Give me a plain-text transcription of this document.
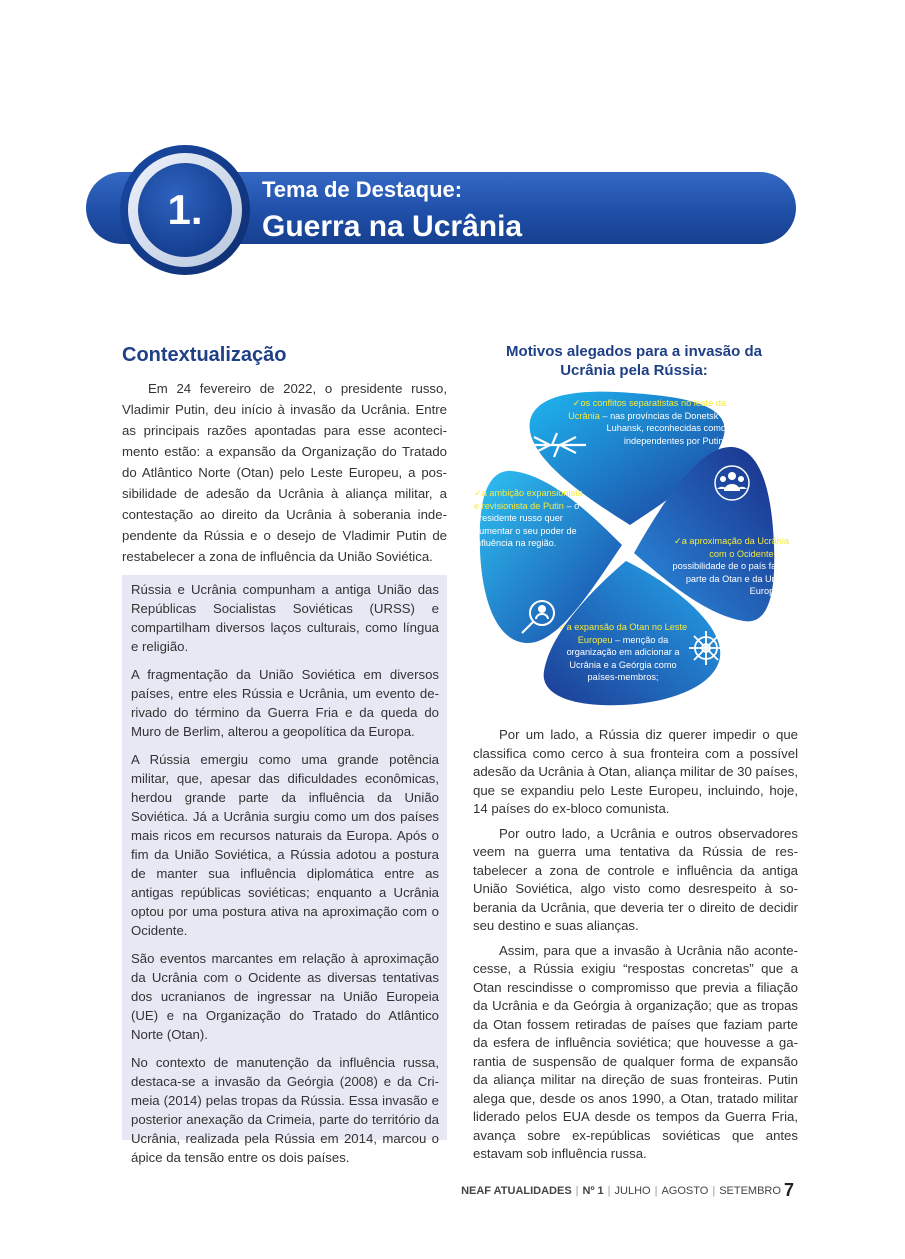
1.	Tema de Destaque:
Guerra na Ucrânia
Contextualização

Em 24 fevereiro de 2022, o presidente russo, Vladimir Putin, deu início à invasão da Ucrânia. Entre as principais razões apontadas para esse acontecimento estão: a expansão da Organização do Tratado do Atlântico Norte (Otan) pelo Leste Europeu, a possibilidade de adesão da Ucrânia à aliança militar, a contestação ao direito da Ucrânia à soberania independente da Rússia e o desejo de Vladimir Putin de restabelecer a zona de influência da União Soviética.

Rússia e Ucrânia compunham a antiga União das Repúblicas Socialistas Soviéticas (URSS) e compartilham diversos laços culturais, como língua e religião.

A fragmentação da União Soviética em diversos países, entre eles Rússia e Ucrânia, um evento derivado do término da Guerra Fria e da queda do Muro de Berlim, alterou a geopolítica da Europa.

A Rússia emergiu como uma grande potência militar, que, apesar das dificuldades econômicas, herdou grande parte da influência da União Soviética. Já a Ucrânia surgiu como um dos países mais ricos em recursos naturais da Europa. Após o fim da União Soviética, a Rússia adotou a postura de manter sua influência diplomática entre as antigas repúblicas soviéticas; enquanto a Ucrânia optou por uma postura ativa na aproximação com o Ocidente.

São eventos marcantes em relação à aproximação da Ucrânia com o Ocidente as diversas tentativas dos ucranianos de ingressar na União Europeia (UE) e na Organização do Tratado do Atlântico Norte (Otan).

No contexto de manutenção da influência russa, destaca-se a invasão da Geórgia (2008) e da Crimeia (2014) pelas tropas da Rússia. Essa invasão e posterior anexação da Crimeia, parte do território da Ucrânia, realizada pela Rússia em 2014, marcou o ápice da tensão entre os dois países.

Motivos alegados para a invasão da Ucrânia pela Rússia:
✓os conflitos separatistas no leste da Ucrânia – nas províncias de Donetsk e Luhansk, reconhecidas como independentes por Putin;
✓a aproximação da Ucrânia com o Ocidente – a possibilidade de o país fazer parte da Otan e da União Europeia;
✓a expansão da Otan no Leste Europeu – menção da organização em adicionar a Ucrânia e a Geórgia como países-membros;
✓a ambição expansionista e revisionista de Putin – o presidente russo quer aumentar o seu poder de influência na região.

Por um lado, a Rússia diz querer impedir o que classifica como cerco à sua fronteira com a possível adesão da Ucrânia à Otan, aliança militar de 30 países, que se expandiu pelo Leste Europeu, incluindo, hoje, 14 países do ex-bloco comunista.

Por outro lado, a Ucrânia e outros observadores veem na guerra uma tentativa da Rússia de restabelecer a zona de controle e influência da antiga União Soviética, algo visto como desrespeito à soberania da Ucrânia, que deveria ter o direito de decidir seu destino e suas alianças.

Assim, para que a invasão à Ucrânia não acontecesse, a Rússia exigiu “respostas concretas” que a Otan rescindisse o compromisso que previa a filiação da Ucrânia e da Geórgia à organização; que as tropas da Otan fossem retiradas de países que faziam parte da esfera de influência soviética; que houvesse a garantia de suspensão de qualquer forma de expansão da aliança militar na direção de suas fronteiras. Putin alega que, desde os anos 1990, a Otan, tratado militar liderado pelos EUA desde os tempos da Guerra Fria, avança sobre ex-repúblicas soviéticas que antes estavam sob influência russa.

NEAF ATUALIDADES | Nº 1 | JULHO | AGOSTO | SETEMBRO 7
